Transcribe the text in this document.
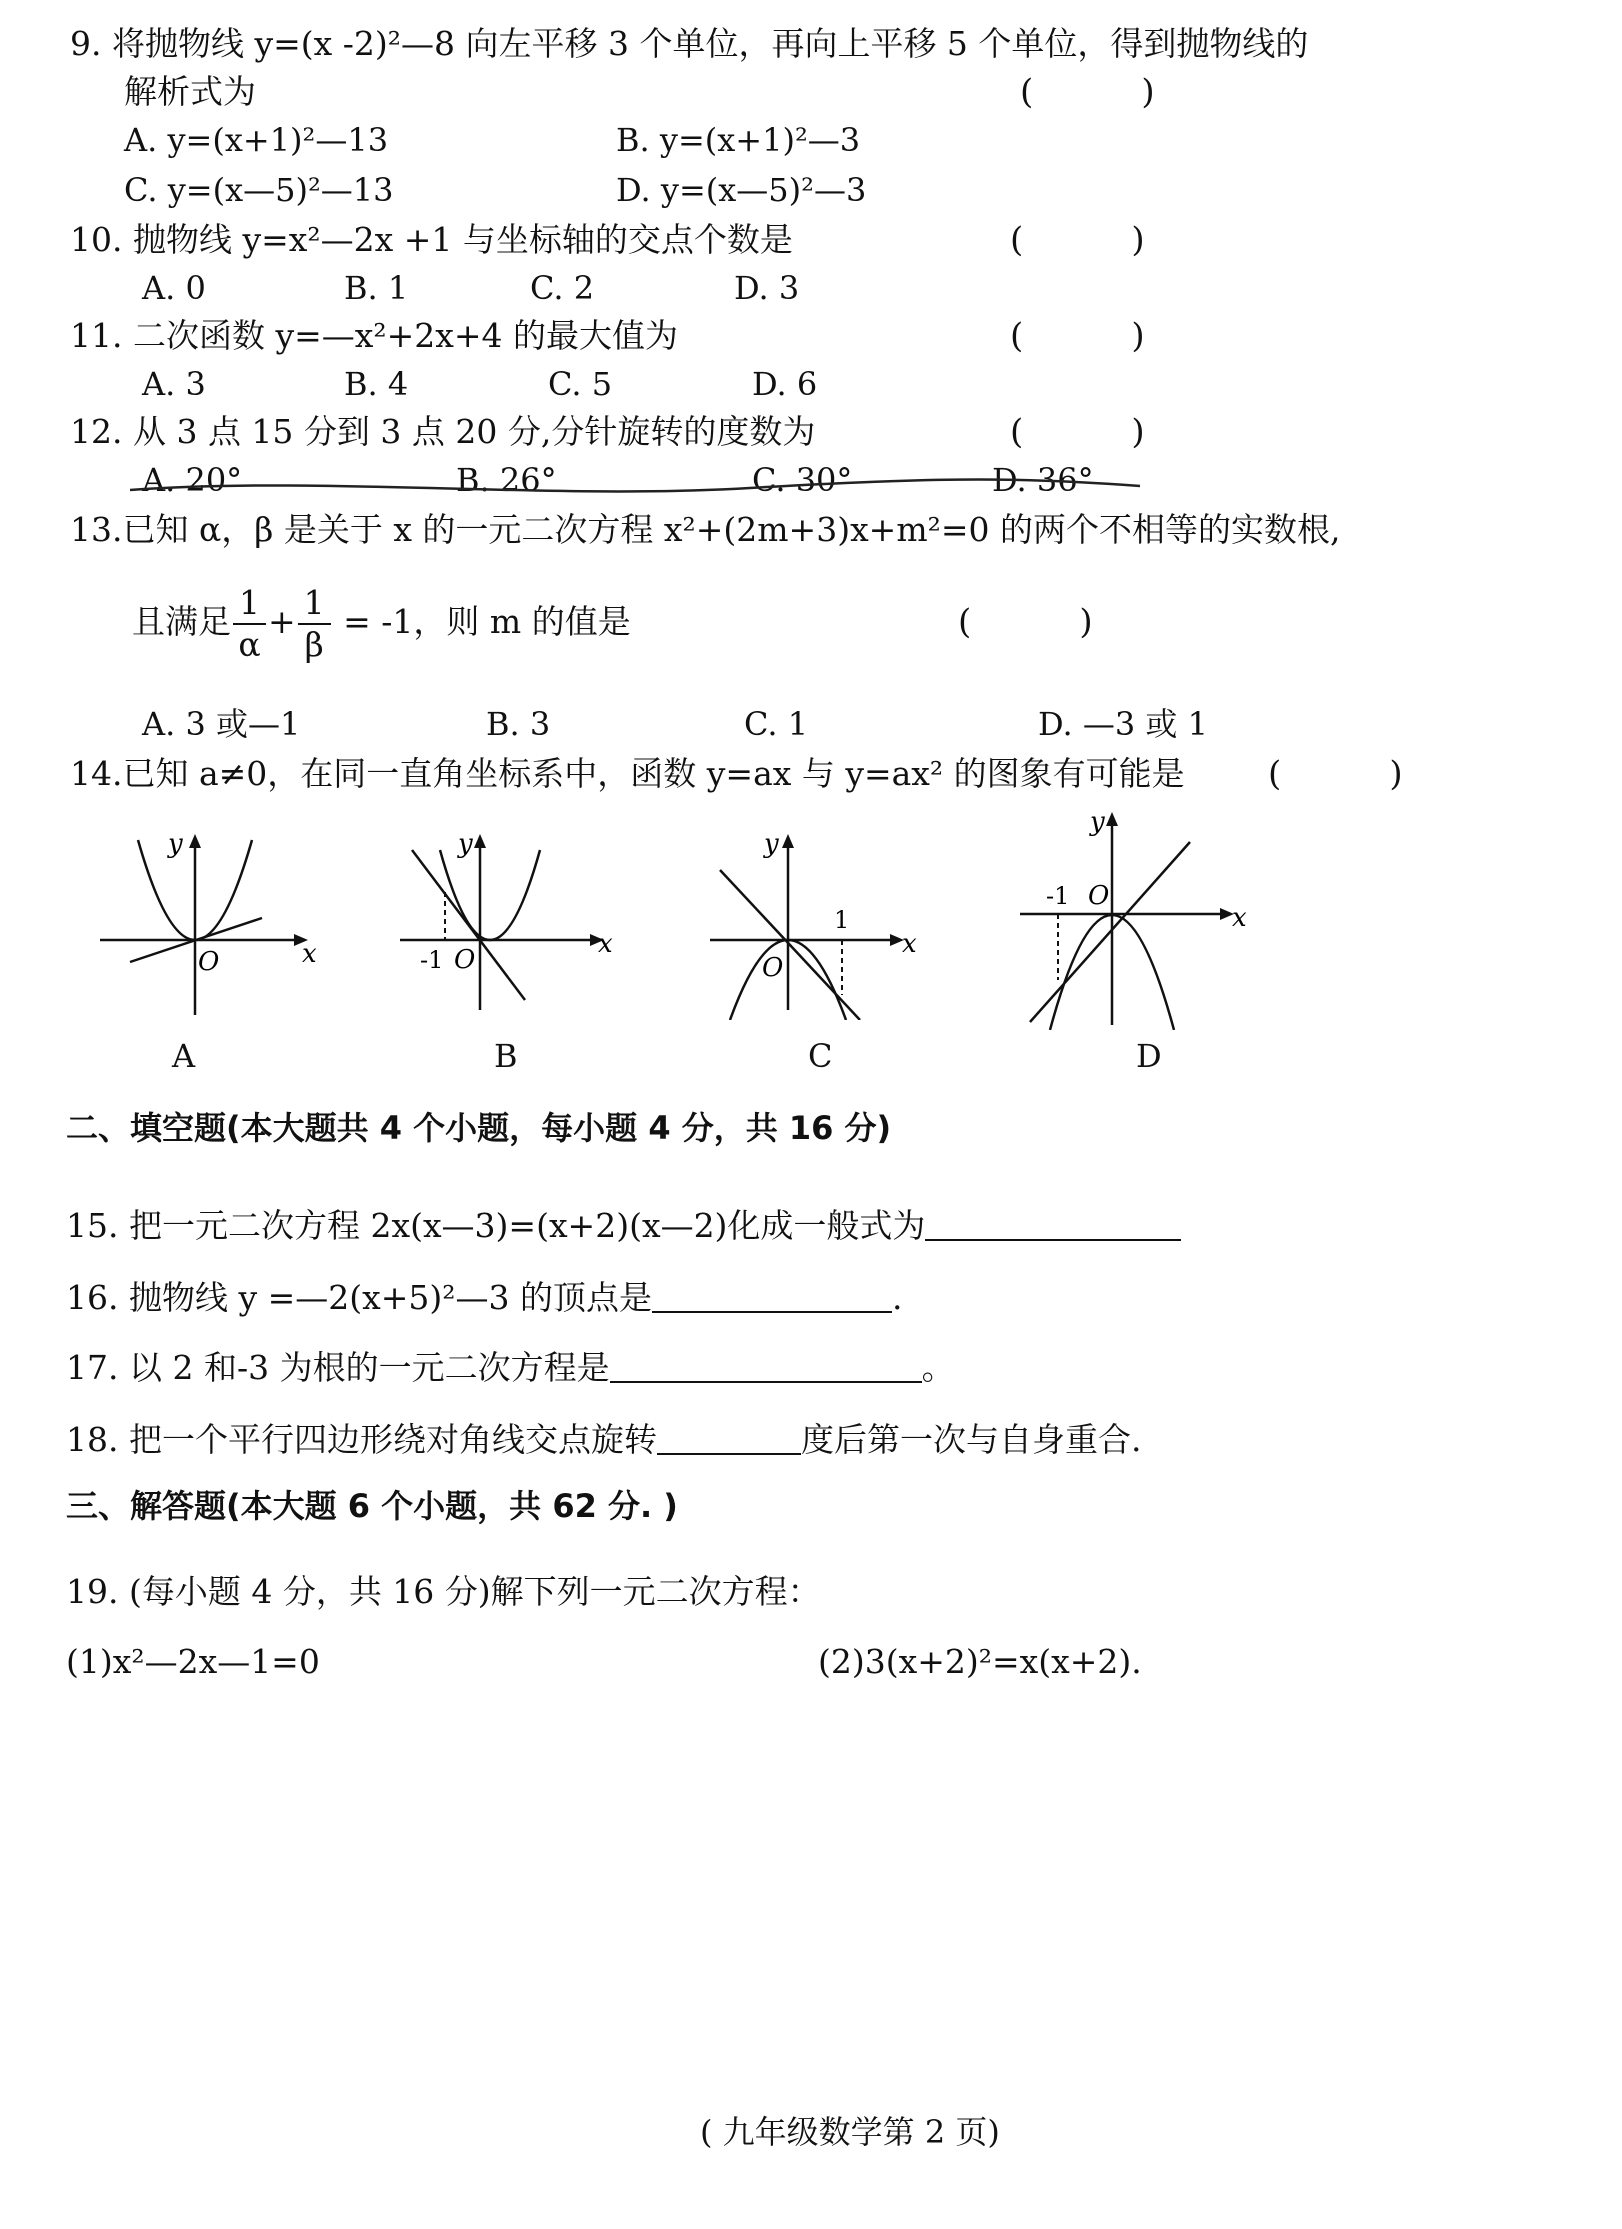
9. 将抛物线 y=(x -2)²—8 向左平移 3 个单位，再向上平移 5 个单位，得到抛物线的
解析式为	(          )
A. y=(x+1)²—13	B. y=(x+1)²—3
C. y=(x—5)²—13	D. y=(x—5)²—3
10. 抛物线 y=x²—2x +1 与坐标轴的交点个数是	(          )
A. 0	B. 1	C. 2	D. 3
11. 二次函数 y=—x²+2x+4 的最大值为	(          )
A. 3	B. 4	C. 5	D. 6
12. 从 3 点 15 分到 3 点 20 分,分针旋转的度数为	(          )
A. 20°	B. 26°	C. 30°	D. 36°
13.已知 α，β 是关于 x 的一元二次方程 x²+(2m+3)x+m²=0 的两个不相等的实数根,
且满足 $\frac{1}{\alpha} + \frac{1}{\beta} = -1$，则 m 的值是	(          )
A. 3 或—1	B. 3	C. 1	D. —3 或 1
14.已知 a≠0，在同一直角坐标系中，函数 y=ax 与 y=ax² 的图象有可能是 (          )
x
y
O
A
x
y
O
-1
B
x
y
O
1
C
x
y
O
-1
D
二、填空题(本大题共 4 个小题，每小题 4 分，共 16 分)
15. 把一元二次方程 2x(x—3)=(x+2)(x—2)化成一般式为
16. 抛物线 y =—2(x+5)²—3 的顶点是	.
17. 以 2 和-3 为根的一元二次方程是	。
18. 把一个平行四边形绕对角线交点旋转	度后第一次与自身重合.
三、解答题(本大题 6 个小题，共 62 分. )
19. (每小题 4 分，共 16 分)解下列一元二次方程：
(1)x²—2x—1=0	(2)3(x+2)²=x(x+2).
( 九年级数学第 2 页)
